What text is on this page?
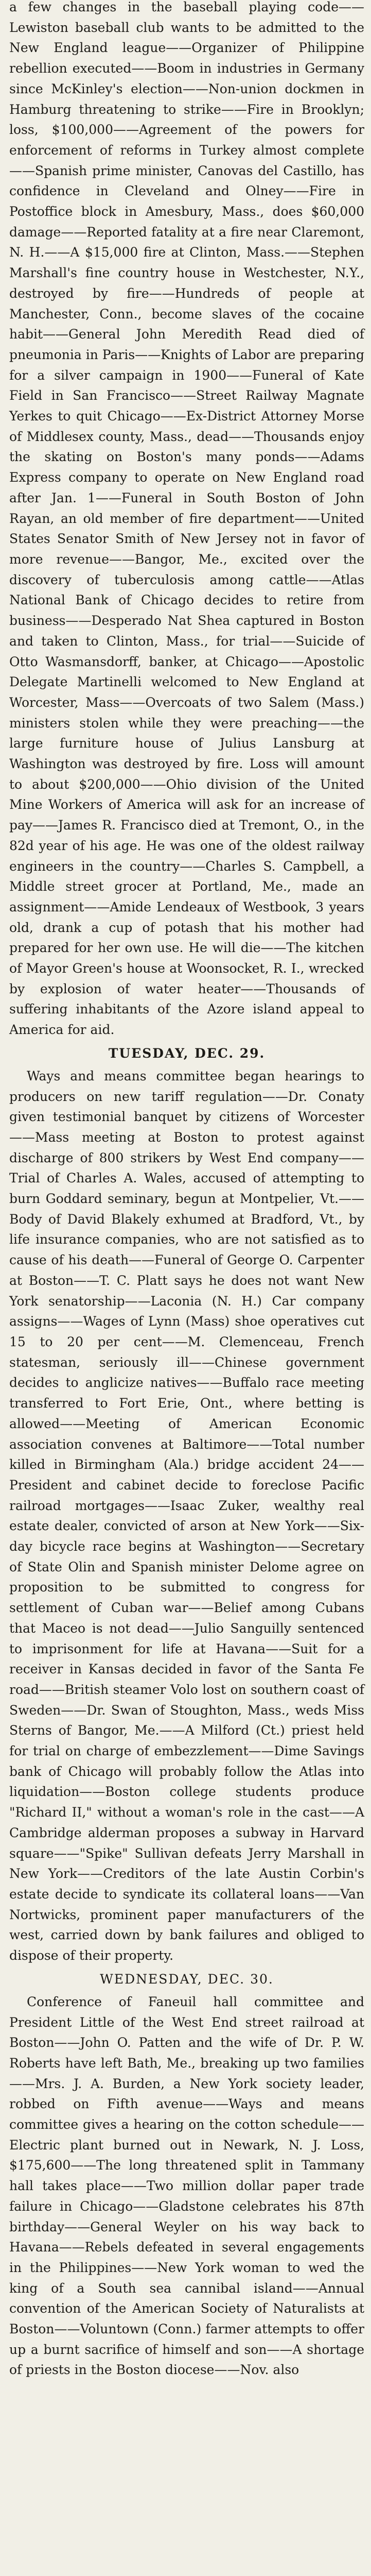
a few changes in the baseball playing code——Lewiston baseball club wants to be admitted to the New England league——Organizer of Philippine rebellion executed——Boom in industries in Germany since McKinley's election——Non-union dockmen in Hamburg threatening to strike——Fire in Brooklyn; loss, $100,000——Agreement of the powers for enforcement of reforms in Turkey almost complete——Spanish prime minister, Canovas del Castillo, has confidence in Cleveland and Olney——Fire in Postoffice block in Amesbury, Mass., does $60,000 damage——Reported fatality at a fire near Claremont, N. H.——A $15,000 fire at Clinton, Mass.——Stephen Marshall's fine country house in Westchester, N.Y., destroyed by fire——Hundreds of people at Manchester, Conn., become slaves of the cocaine habit——General John Meredith Read died of pneumonia in Paris——Knights of Labor are preparing for a silver campaign in 1900——Funeral of Kate Field in San Francisco——Street Railway Magnate Yerkes to quit Chicago——Ex-District Attorney Morse of Middlesex county, Mass., dead——Thousands enjoy the skating on Boston's many ponds——Adams Express company to operate on New England road after Jan. 1——Funeral in South Boston of John Rayan, an old member of fire department——United States Senator Smith of New Jersey not in favor of more revenue——Bangor, Me., excited over the discovery of tuberculosis among cattle——Atlas National Bank of Chicago decides to retire from business——Desperado Nat Shea captured in Boston and taken to Clinton, Mass., for trial——Suicide of Otto Wasmansdorff, banker, at Chicago——Apostolic Delegate Martinelli welcomed to New England at Worcester, Mass——Overcoats of two Salem (Mass.) ministers stolen while they were preaching——the large furniture house of Julius Lansburg at Washington was destroyed by fire. Loss will amount to about $200,000——Ohio division of the United Mine Workers of America will ask for an increase of pay——James R. Francisco died at Tremont, O., in the 82d year of his age. He was one of the oldest railway engineers in the country——Charles S. Campbell, a Middle street grocer at Portland, Me., made an assignment——Amide Lendeaux of Westbook, 3 years old, drank a cup of potash that his mother had prepared for her own use. He will die——The kitchen of Mayor Green's house at Woonsocket, R. I., wrecked by explosion of water heater——Thousands of suffering inhabitants of the Azore island appeal to America for aid.

TUESDAY, DEC. 29.

Ways and means committee began hearings to producers on new tariff regulation——Dr. Conaty given testimonial banquet by citizens of Worcester——Mass meeting at Boston to protest against discharge of 800 strikers by West End company——Trial of Charles A. Wales, accused of attempting to burn Goddard seminary, begun at Montpelier, Vt.——Body of David Blakely exhumed at Bradford, Vt., by life insurance companies, who are not satisfied as to cause of his death——Funeral of George O. Carpenter at Boston——T. C. Platt says he does not want New York senatorship——Laconia (N. H.) Car company assigns——Wages of Lynn (Mass) shoe operatives cut 15 to 20 per cent——M. Clemenceau, French statesman, seriously ill——Chinese government decides to anglicize natives——Buffalo race meeting transferred to Fort Erie, Ont., where betting is allowed——Meeting of American Economic association convenes at Baltimore——Total number killed in Birmingham (Ala.) bridge accident 24——President and cabinet decide to foreclose Pacific railroad mortgages——Isaac Zuker, wealthy real estate dealer, convicted of arson at New York——Six-day bicycle race begins at Washington——Secretary of State Olin and Spanish minister Delome agree on proposition to be submitted to congress for settlement of Cuban war——Belief among Cubans that Maceo is not dead——Julio Sanguilly sentenced to imprisonment for life at Havana——Suit for a receiver in Kansas decided in favor of the Santa Fe road——British steamer Volo lost on southern coast of Sweden——Dr. Swan of Stoughton, Mass., weds Miss Sterns of Bangor, Me.——A Milford (Ct.) priest held for trial on charge of embezzlement——Dime Savings bank of Chicago will probably follow the Atlas into liquidation——Boston college students produce "Richard II," without a woman's role in the cast——A Cambridge alderman proposes a subway in Harvard square——"Spike" Sullivan defeats Jerry Marshall in New York——Creditors of the late Austin Corbin's estate decide to syndicate its collateral loans——Van Nortwicks, prominent paper manufacturers of the west, carried down by bank failures and obliged to dispose of their property.

WEDNESDAY, DEC. 30.

Conference of Faneuil hall committee and President Little of the West End street railroad at Boston——John O. Patten and the wife of Dr. P. W. Roberts have left Bath, Me., breaking up two families——Mrs. J. A. Burden, a New York society leader, robbed on Fifth avenue——Ways and means committee gives a hearing on the cotton schedule——Electric plant burned out in Newark, N. J. Loss, $175,600——The long threatened split in Tammany hall takes place——Two million dollar paper trade failure in Chicago——Gladstone celebrates his 87th birthday——General Weyler on his way back to Havana——Rebels defeated in several engagements in the Philippines——New York woman to wed the king of a South sea cannibal island——Annual convention of the American Society of Naturalists at Boston——Voluntown (Conn.) farmer attempts to offer up a burnt sacrifice of himself and son——A shortage of priests in the Boston diocese——Nov. also
